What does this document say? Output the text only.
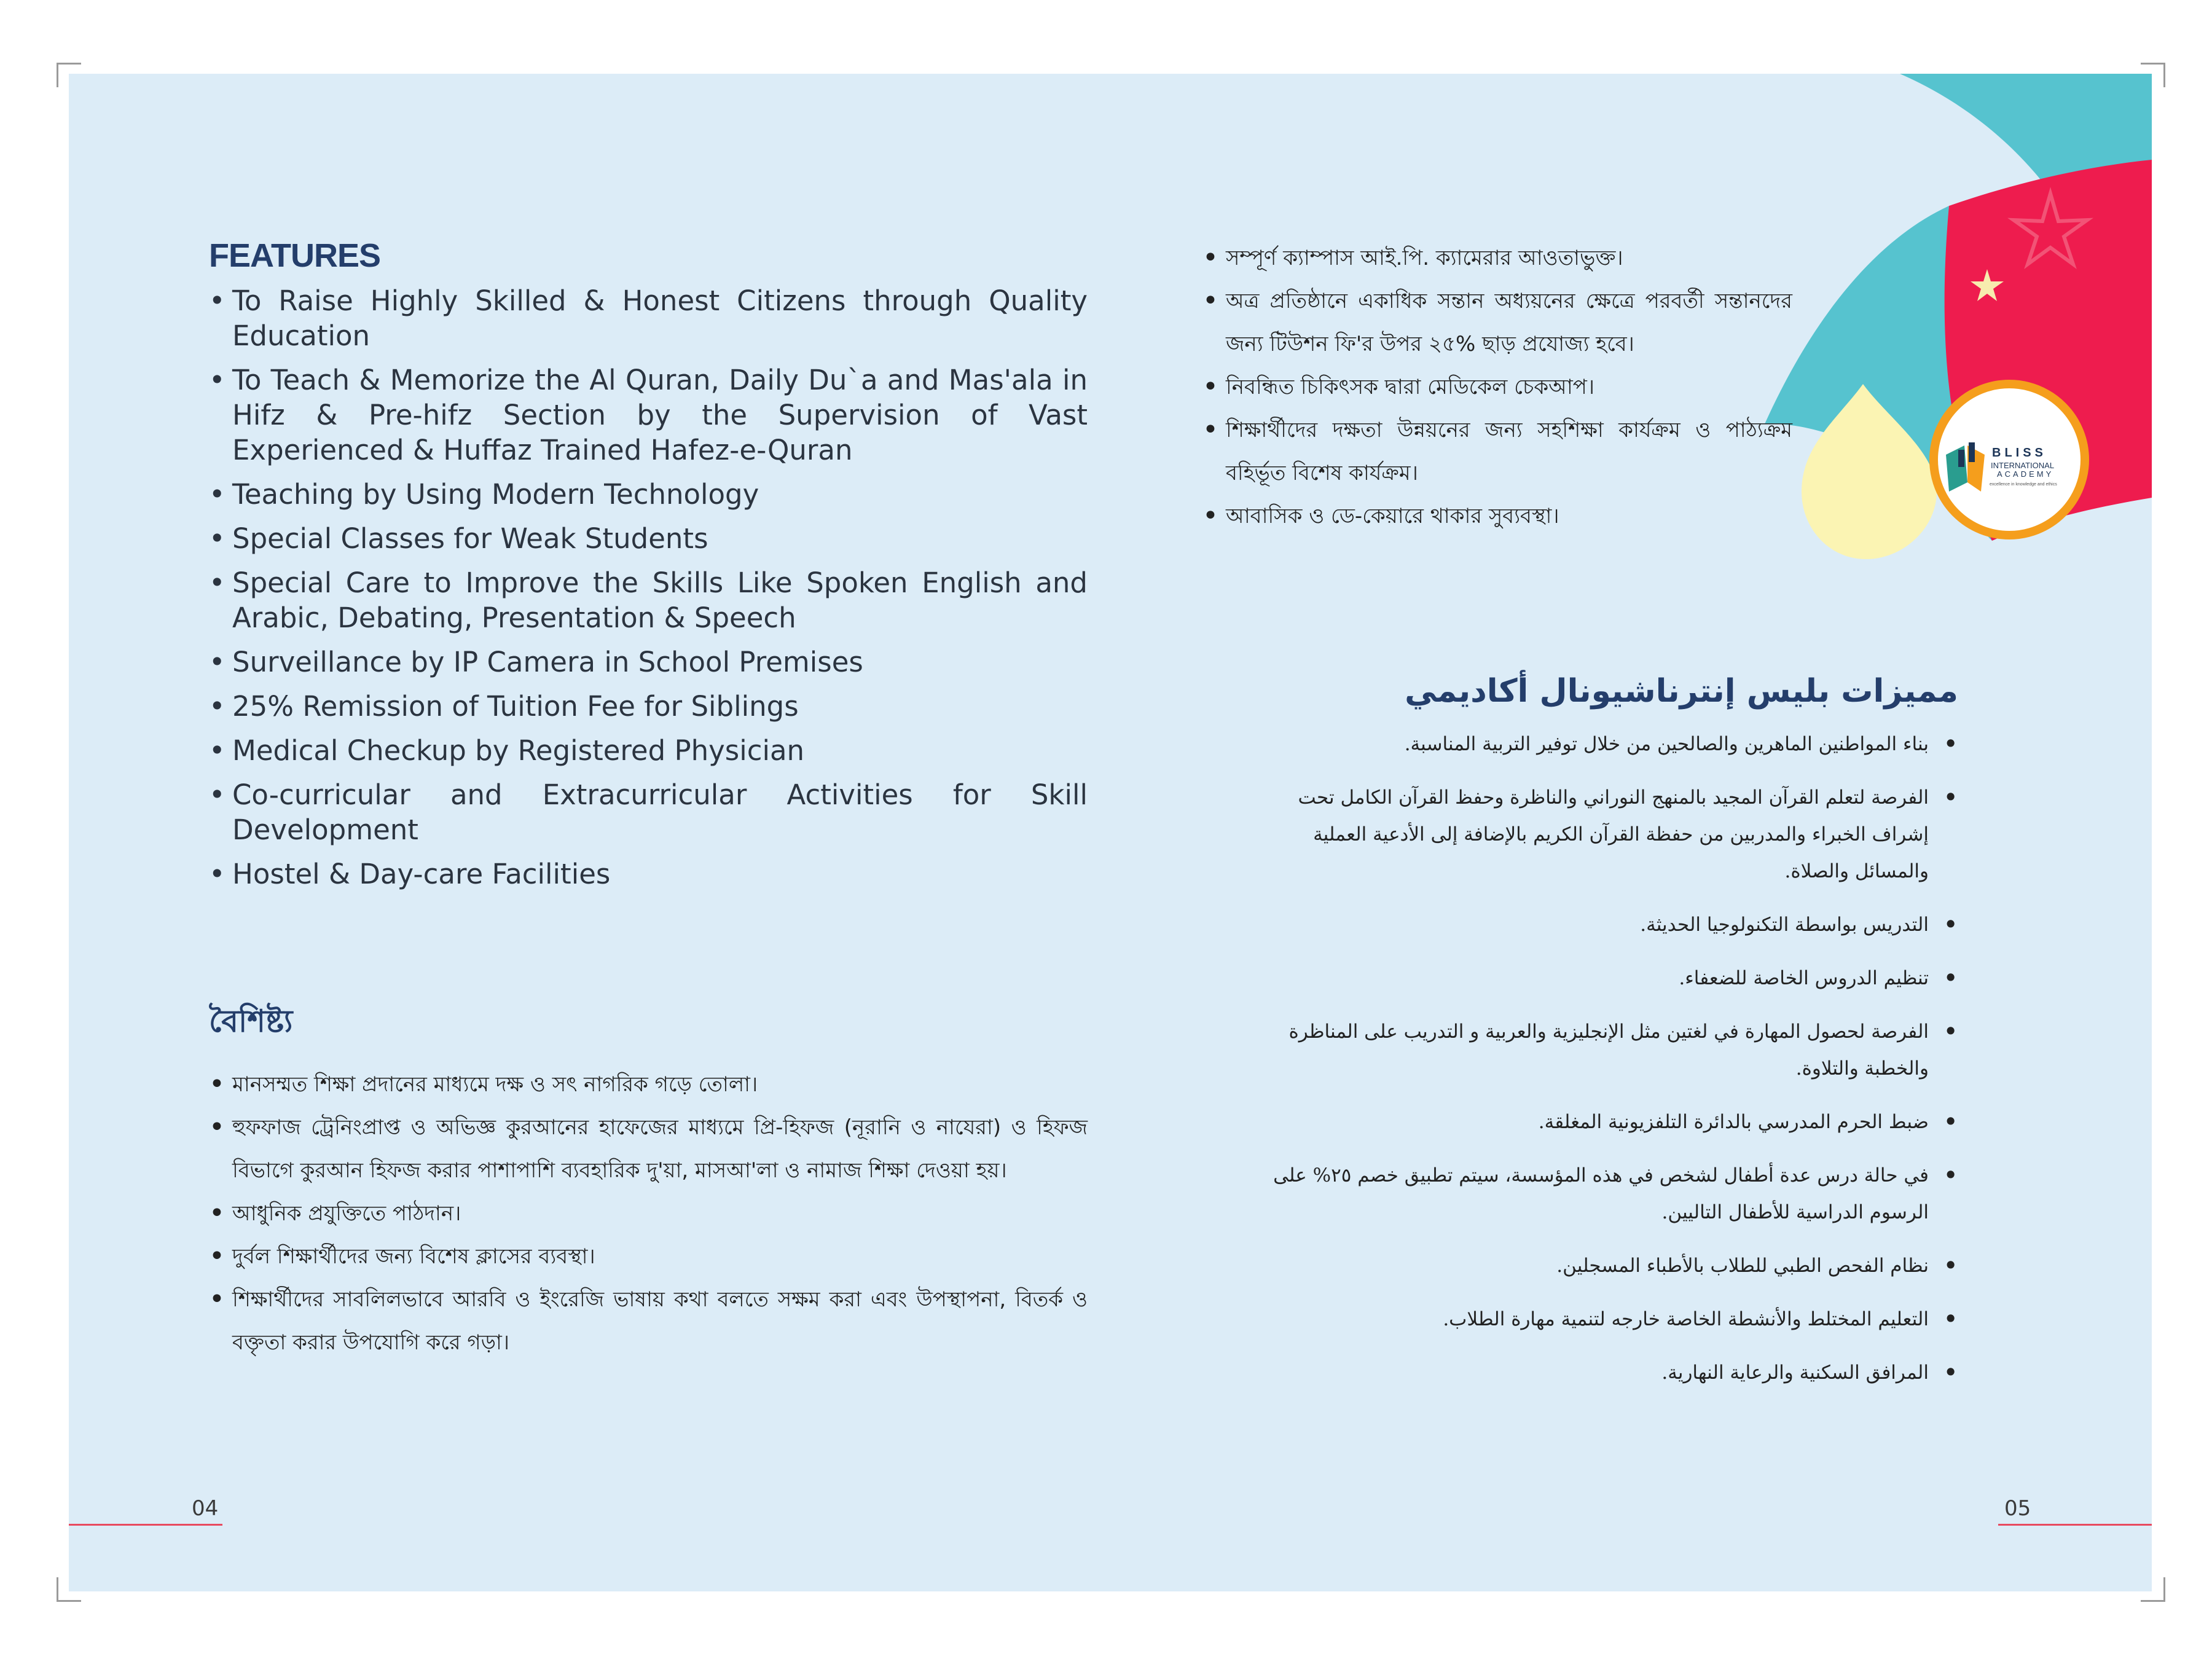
BLISS
INTERNATIONAL
ACADEMY
excellence in knowledge and ethics
FEATURES
• To Raise Highly Skilled & Honest Citizens through Quality Education
• To Teach & Memorize the Al Quran, Daily Du`a and Mas'ala in Hifz & Pre-hifz Section by the Supervision of Vast Experienced & Huffaz Trained Hafez-e-Quran
• Teaching by Using Modern Technology
• Special Classes for Weak Students
• Special Care to Improve the Skills Like Spoken English and Arabic, Debating, Presentation & Speech
• Surveillance by IP Camera in School Premises
• 25% Remission of Tuition Fee for Siblings
• Medical Checkup by Registered Physician
• Co-curricular and Extracurricular Activities for Skill Development
• Hostel & Day-care Facilities
বৈশিষ্ট্য
• মানসম্মত শিক্ষা প্রদানের মাধ্যমে দক্ষ ও সৎ নাগরিক গড়ে তোলা।
• হুফফাজ ট্রেনিংপ্রাপ্ত ও অভিজ্ঞ কুরআনের হাফেজের মাধ্যমে প্রি-হিফজ (নূরানি ও নাযেরা) ও হিফজ বিভাগে কুরআন হিফজ করার পাশাপাশি ব্যবহারিক দু'য়া, মাসআ'লা ও নামাজ শিক্ষা দেওয়া হয়।
• আধুনিক প্রযুক্তিতে পাঠদান।
• দুর্বল শিক্ষার্থীদের জন্য বিশেষ ক্লাসের ব্যবস্থা।
• শিক্ষার্থীদের সাবলিলভাবে আরবি ও ইংরেজি ভাষায় কথা বলতে সক্ষম করা এবং উপস্থাপনা, বিতর্ক ও বক্তৃতা করার উপযোগি করে গড়া।
04
• সম্পূর্ণ ক্যাম্পাস আই.পি. ক্যামেরার আওতাভুক্ত।
• অত্র প্রতিষ্ঠানে একাধিক সন্তান অধ্যয়নের ক্ষেত্রে পরবর্তী সন্তানদের জন্য টিউশন ফি'র উপর ২৫% ছাড় প্রযোজ্য হবে।
• নিবন্ধিত চিকিৎসক দ্বারা মেডিকেল চেকআপ।
• শিক্ষার্থীদের দক্ষতা উন্নয়নের জন্য সহশিক্ষা কার্যক্রম ও পাঠ্যক্রম বহির্ভূত বিশেষ কার্যক্রম।
• আবাসিক ও ডে-কেয়ারে থাকার সুব্যবস্থা।
مميزات بليس إنترناشيونال أكاديمي
• بناء المواطنين الماهرين والصالحين من خلال توفير التربية المناسبة.
• الفرصة لتعلم القرآن المجيد بالمنهج النوراني والناظرة وحفظ القرآن الكامل تحت إشراف الخبراء والمدربين من حفظة القرآن الكريم بالإضافة إلى الأدعية العملية والمسائل والصلاة.
• التدريس بواسطة التكنولوجيا الحديثة.
• تنظيم الدروس الخاصة للضعفاء.
• الفرصة لحصول المهارة في لغتين مثل الإنجليزية والعربية و التدريب على المناظرة والخطبة والتلاوة.
• ضبط الحرم المدرسي بالدائرة التلفزيونية المغلقة.
• في حالة درس عدة أطفال لشخص في هذه المؤسسة، سيتم تطبيق خصم ٢٥% على الرسوم الدراسية للأطفال التاليين.
• نظام الفحص الطبي للطلاب بالأطباء المسجلين.
• التعليم المختلط والأنشطة الخاصة خارجه لتنمية مهارة الطلاب.
• المرافق السكنية والرعاية النهارية.
05
